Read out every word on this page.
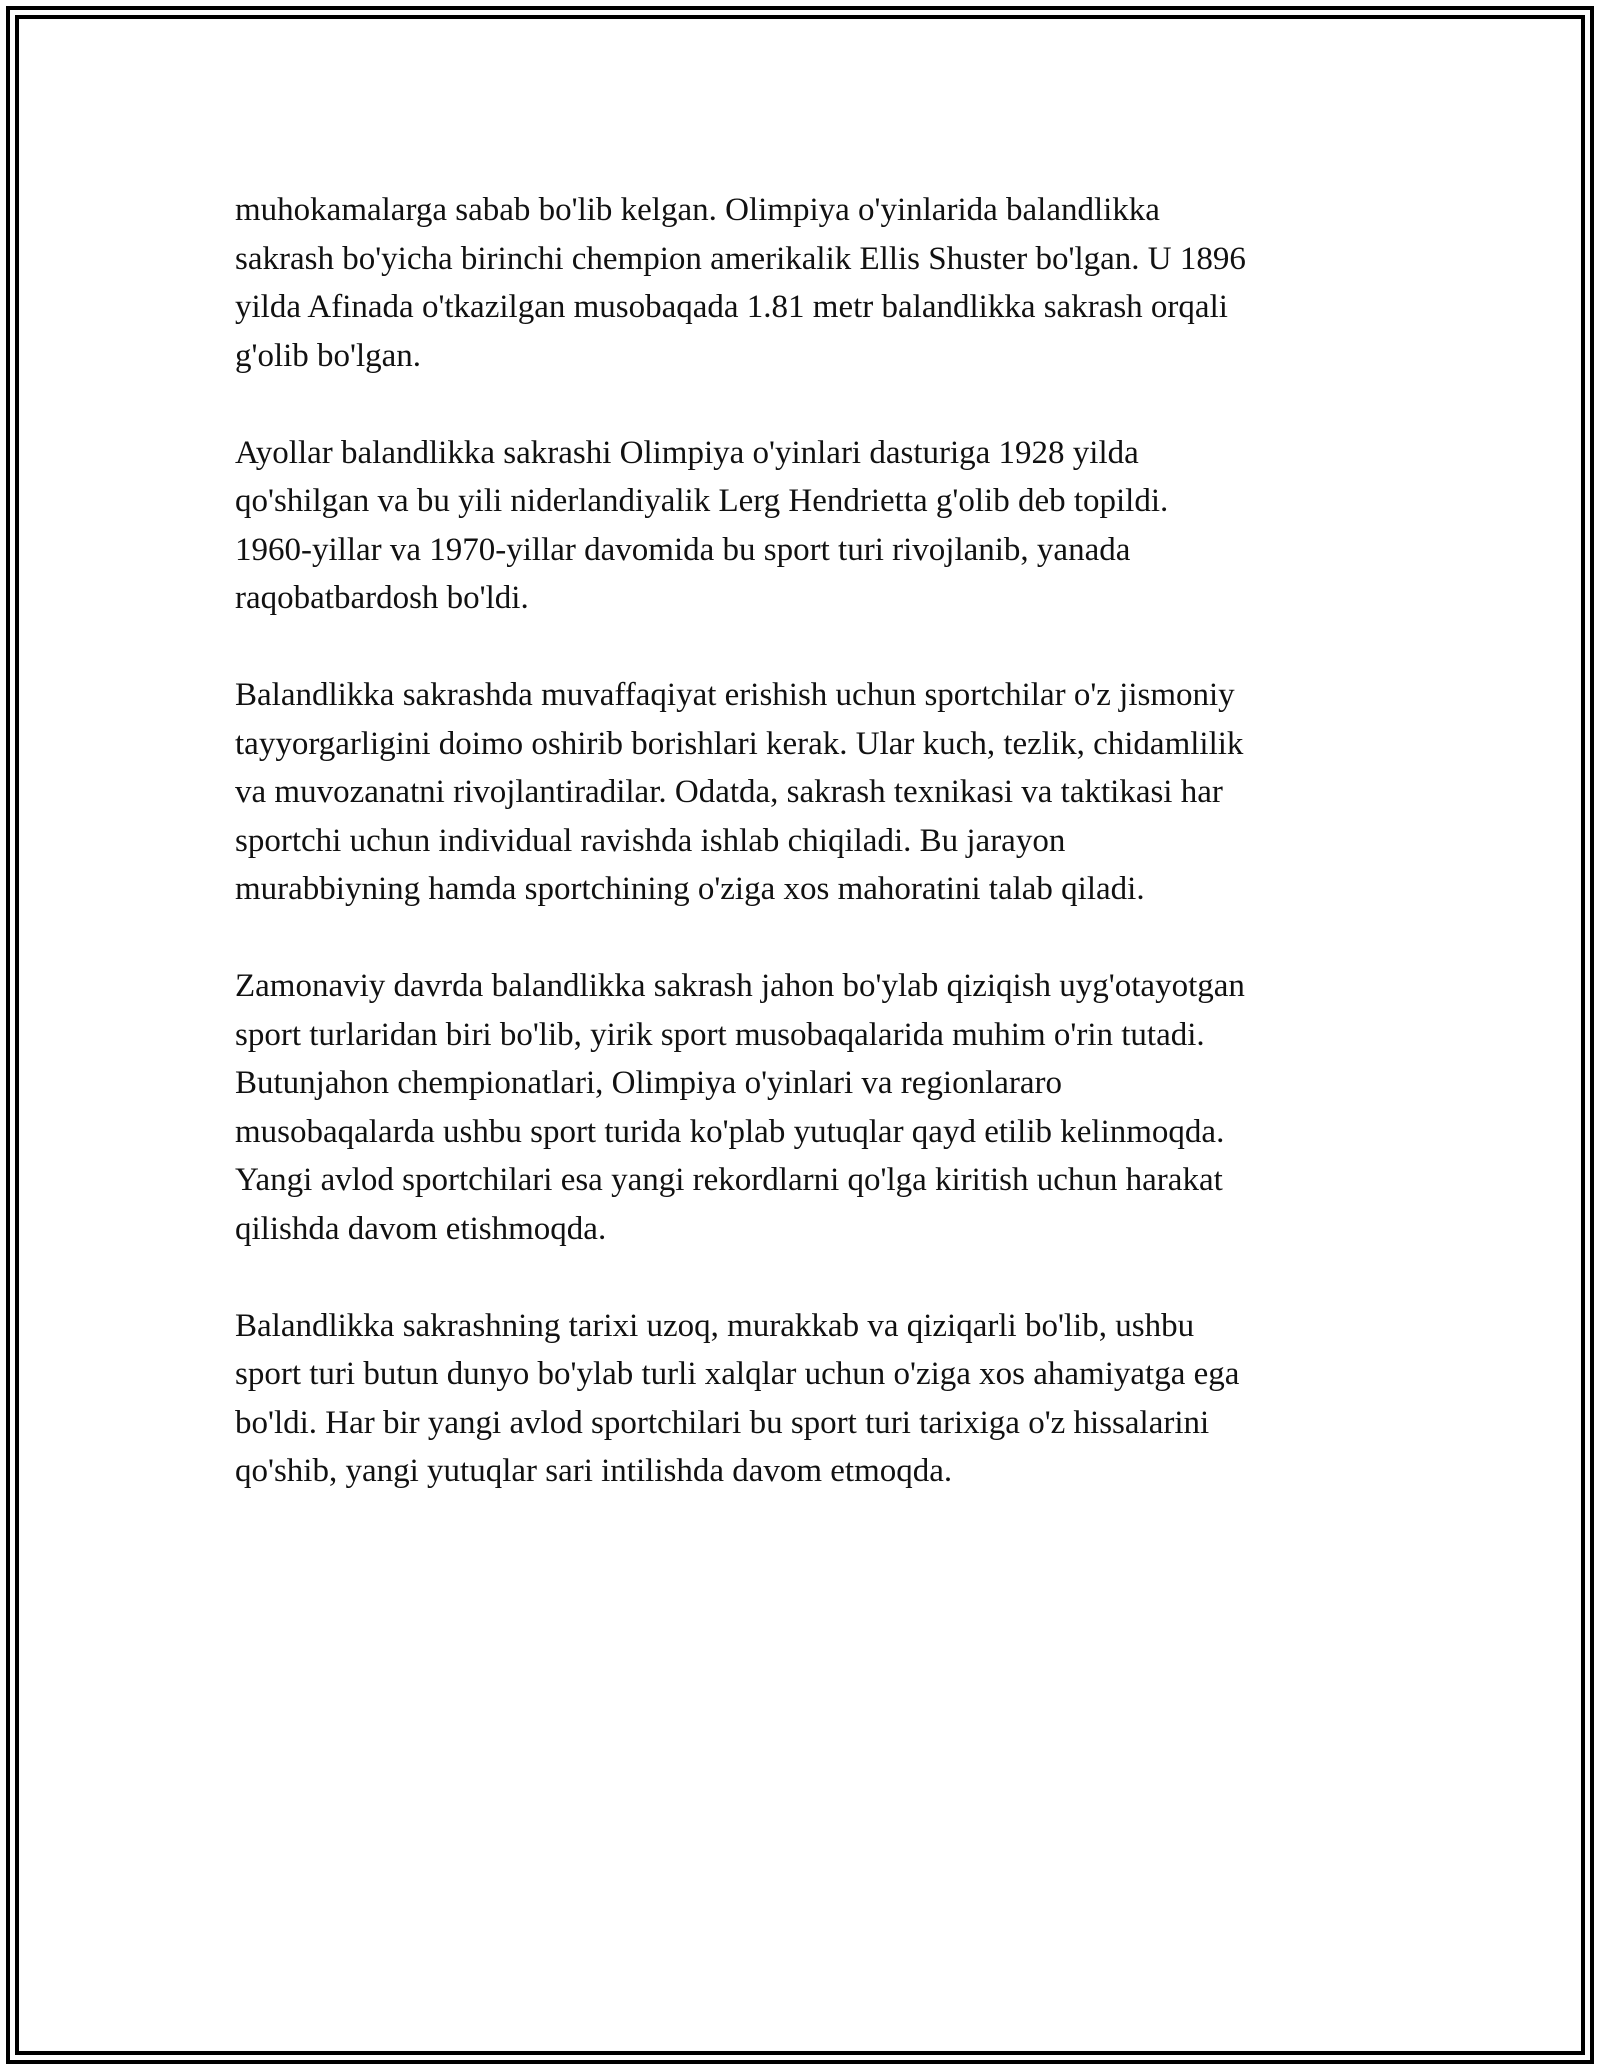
muhokamalarga sabab bo'lib kelgan. Olimpiya o'yinlarida balandlikka
sakrash bo'yicha birinchi chempion amerikalik Ellis Shuster bo'lgan. U 1896
yilda Afinada o'tkazilgan musobaqada 1.81 metr balandlikka sakrash orqali
g'olib bo'lgan.

Ayollar balandlikka sakrashi Olimpiya o'yinlari dasturiga 1928 yilda
qo'shilgan va bu yili niderlandiyalik Lerg Hendrietta g'olib deb topildi.
1960-yillar va 1970-yillar davomida bu sport turi rivojlanib, yanada
raqobatbardosh bo'ldi.

Balandlikka sakrashda muvaffaqiyat erishish uchun sportchilar o'z jismoniy
tayyorgarligini doimo oshirib borishlari kerak. Ular kuch, tezlik, chidamlilik
va muvozanatni rivojlantiradilar. Odatda, sakrash texnikasi va taktikasi har
sportchi uchun individual ravishda ishlab chiqiladi. Bu jarayon
murabbiyning hamda sportchining o'ziga xos mahoratini talab qiladi.

Zamonaviy davrda balandlikka sakrash jahon bo'ylab qiziqish uyg'otayotgan
sport turlaridan biri bo'lib, yirik sport musobaqalarida muhim o'rin tutadi.
Butunjahon chempionatlari, Olimpiya o'yinlari va regionlararo
musobaqalarda ushbu sport turida ko'plab yutuqlar qayd etilib kelinmoqda.
Yangi avlod sportchilari esa yangi rekordlarni qo'lga kiritish uchun harakat
qilishda davom etishmoqda.

Balandlikka sakrashning tarixi uzoq, murakkab va qiziqarli bo'lib, ushbu
sport turi butun dunyo bo'ylab turli xalqlar uchun o'ziga xos ahamiyatga ega
bo'ldi. Har bir yangi avlod sportchilari bu sport turi tarixiga o'z hissalarini
qo'shib, yangi yutuqlar sari intilishda davom etmoqda.
